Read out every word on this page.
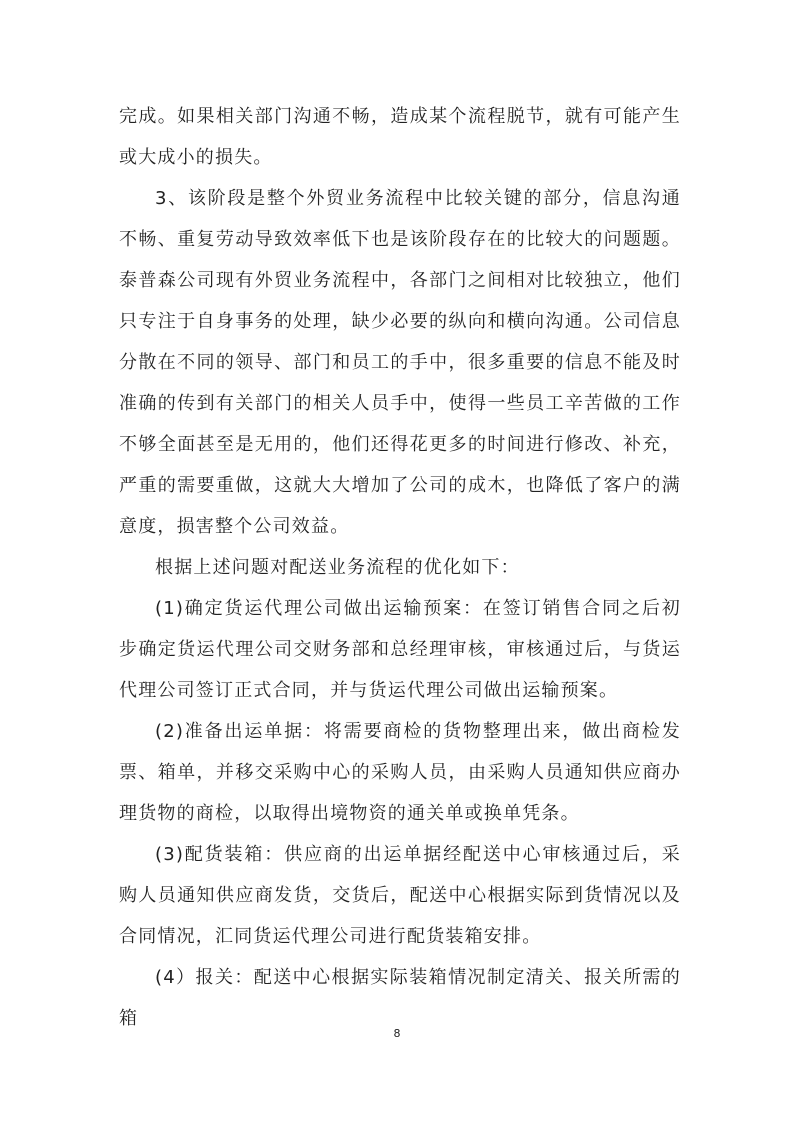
完成。如果相关部门沟通不畅，造成某个流程脱节，就有可能产生或大成小的损失。

3、该阶段是整个外贸业务流程中比较关键的部分，信息沟通不畅、重复劳动导致效率低下也是该阶段存在的比较大的问题题。泰普森公司现有外贸业务流程中，各部门之间相对比较独立，他们只专注于自身事务的处理，缺少必要的纵向和横向沟通。公司信息分散在不同的领导、部门和员工的手中，很多重要的信息不能及时准确的传到有关部门的相关人员手中，使得一些员工辛苦做的工作不够全面甚至是无用的，他们还得花更多的时间进行修改、补充，严重的需要重做，这就大大增加了公司的成木，也降低了客户的满意度，损害整个公司效益。

根据上述问题对配送业务流程的优化如下：

(1)确定货运代理公司做出运输预案：在签订销售合同之后初步确定货运代理公司交财务部和总经理审核，审核通过后，与货运代理公司签订正式合同，并与货运代理公司做出运输预案。

(2)准备出运单据：将需要商检的货物整理出来，做出商检发票、箱单，并移交采购中心的采购人员，由采购人员通知供应商办理货物的商检，以取得出境物资的通关单或换单凭条。

(3)配货装箱：供应商的出运单据经配送中心审核通过后，采购人员通知供应商发货，交货后，配送中心根据实际到货情况以及合同情况，汇同货运代理公司进行配货装箱安排。

(4）报关：配送中心根据实际装箱情况制定清关、报关所需的箱

8
